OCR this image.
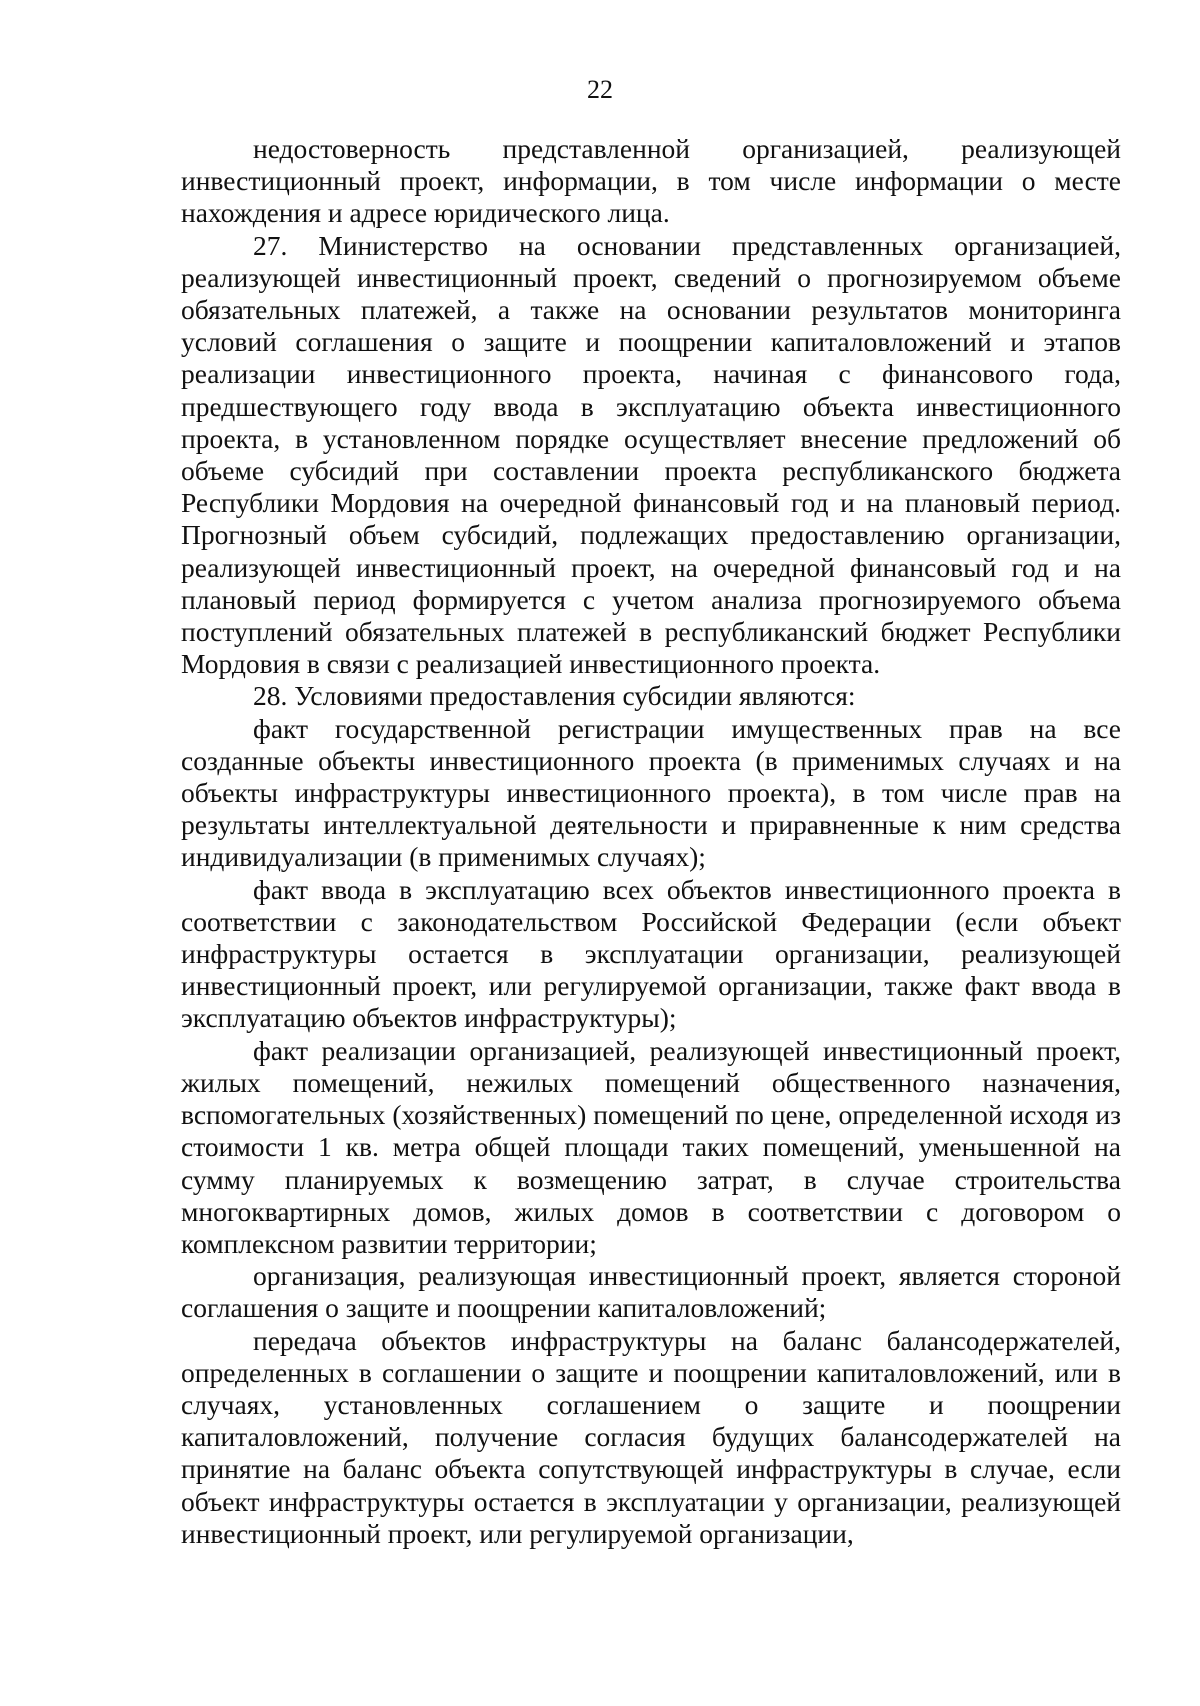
22

недостоверность представленной организацией, реализующей инвестиционный проект, информации, в том числе информации о месте нахождения и адресе юридического лица.

27. Министерство на основании представленных организацией, реализующей инвестиционный проект, сведений о прогнозируемом объеме обязательных платежей, а также на основании результатов мониторинга условий соглашения о защите и поощрении капиталовложений и этапов реализации инвестиционного проекта, начиная с финансового года, предшествующего году ввода в эксплуатацию объекта инвестиционного проекта, в установленном порядке осуществляет внесение предложений об объеме субсидий при составлении проекта республиканского бюджета Республики Мордовия на очередной финансовый год и на плановый период. Прогнозный объем субсидий, подлежащих предоставлению организации, реализующей инвестиционный проект, на очередной финансовый год и на плановый период формируется с учетом анализа прогнозируемого объема поступлений обязательных платежей в республиканский бюджет Республики Мордовия в связи с реализацией инвестиционного проекта.

28. Условиями предоставления субсидии являются:

факт государственной регистрации имущественных прав на все созданные объекты инвестиционного проекта (в применимых случаях и на объекты инфраструктуры инвестиционного проекта), в том числе прав на результаты интеллектуальной деятельности и приравненные к ним средства индивидуализации (в применимых случаях);

факт ввода в эксплуатацию всех объектов инвестиционного проекта в соответствии с законодательством Российской Федерации (если объект инфраструктуры остается в эксплуатации организации, реализующей инвестиционный проект, или регулируемой организации, также факт ввода в эксплуатацию объектов инфраструктуры);

факт реализации организацией, реализующей инвестиционный проект, жилых помещений, нежилых помещений общественного назначения, вспомогательных (хозяйственных) помещений по цене, определенной исходя из стоимости 1 кв. метра общей площади таких помещений, уменьшенной на сумму планируемых к возмещению затрат, в случае строительства многоквартирных домов, жилых домов в соответствии с договором о комплексном развитии территории;

организация, реализующая инвестиционный проект, является стороной соглашения о защите и поощрении капиталовложений;

передача объектов инфраструктуры на баланс балансодержателей, определенных в соглашении о защите и поощрении капиталовложений, или в случаях, установленных соглашением о защите и поощрении капиталовложений, получение согласия будущих балансодержателей на принятие на баланс объекта сопутствующей инфраструктуры в случае, если объект инфраструктуры остается в эксплуатации у организации, реализующей инвестиционный проект, или регулируемой организации,
